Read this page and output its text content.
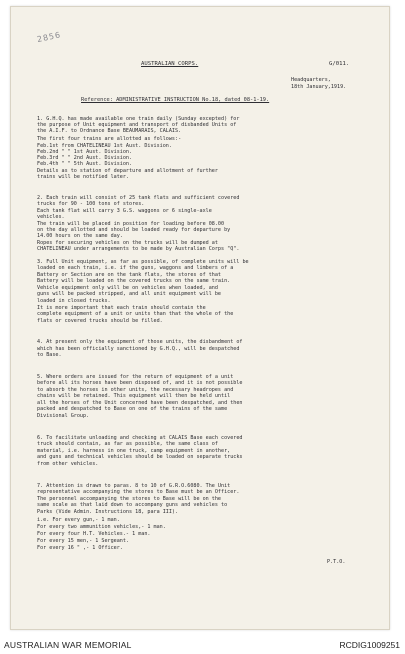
2856
AUSTRALIAN CORPS.	G/011.
Headquarters,
18th January,1919.
Reference: ADMINISTRATIVE INSTRUCTION No.18, dated 08-1-19.
1. G.H.Q. has made available one train daily (Sunday excepted) for
the purpose of Unit equipment and transport of disbanded Units of
the A.I.F. to Ordnance Base BEAUMARAIS, CALAIS.
The first four trains are allotted as follows:-
Feb.1st from CHATELINEAU 1st Aust. Division.
Feb.2nd " " 1st Aust. Division.
Feb.3rd " " 2nd Aust. Division.
Feb.4th " " 5th Aust. Division.
Details as to station of departure and allotment of further
trains will be notified later.
2. Each train will consist of 25 tank flats and sufficient covered
trucks for 90 - 100 tons of stores.
Each tank flat will carry 3 G.S. waggons or 6 single-axle
vehicles.
The train will be placed in position for loading before 08.00
on the day allotted and should be loaded ready for departure by
14.00 hours on the same day.
Ropes for securing vehicles on the trucks will be dumped at
CHATELINEAU under arrangements to be made by Australian Corps "Q".
3. Full Unit equipment, as far as possible, of complete units will be
loaded on each train, i.e. if the guns, waggons and limbers of a
Battery or Section are on the tank flats, the stores of that
Battery will be loaded on the covered trucks on the same train.
Vehicle equipment only will be on vehicles when loaded, and
guns will be packed stripped, and all unit equipment will be
loaded in closed trucks.
It is more important that each train should contain the
complete equipment of a unit or units than that the whole of the
flats or covered trucks should be filled.
4. At present only the equipment of those units, the disbandment of
which has been officially sanctioned by G.H.Q., will be despatched
to Base.
5. Where orders are issued for the return of equipment of a unit
before all its horses have been disposed of, and it is not possible
to absorb the horses in other units, the necessary headropes and
chains will be retained. This equipment will then be held until
all the horses of the Unit concerned have been despatched, and then
packed and despatched to Base on one of the trains of the same
Divisional Group.
6. To facilitate unloading and checking at CALAIS Base each covered
truck should contain, as far as possible, the same class of
material, i.e. harness in one truck, camp equipment in another,
and guns and technical vehicles should be loaded on separate trucks
from other vehicles.
7. Attention is drawn to paras. 8 to 10 of G.R.O.6080. The Unit
representative accompanying the stores to Base must be an Officer.
The personnel accompanying the stores to Base will be on the
same scale as that laid down to accompany guns and vehicles to
Parks (Vide Admin. Instructions 18, para III).
i.e. For every gun,- 1 man.
For every two ammunition vehicles,- 1 man.
For every four H.T. Vehicles.- 1 man.
For every 15 men,- 1 Sergeant.
For every 16 " ,- 1 Officer.
P.T.O.
AUSTRALIAN WAR MEMORIAL	RCDIG1009251
